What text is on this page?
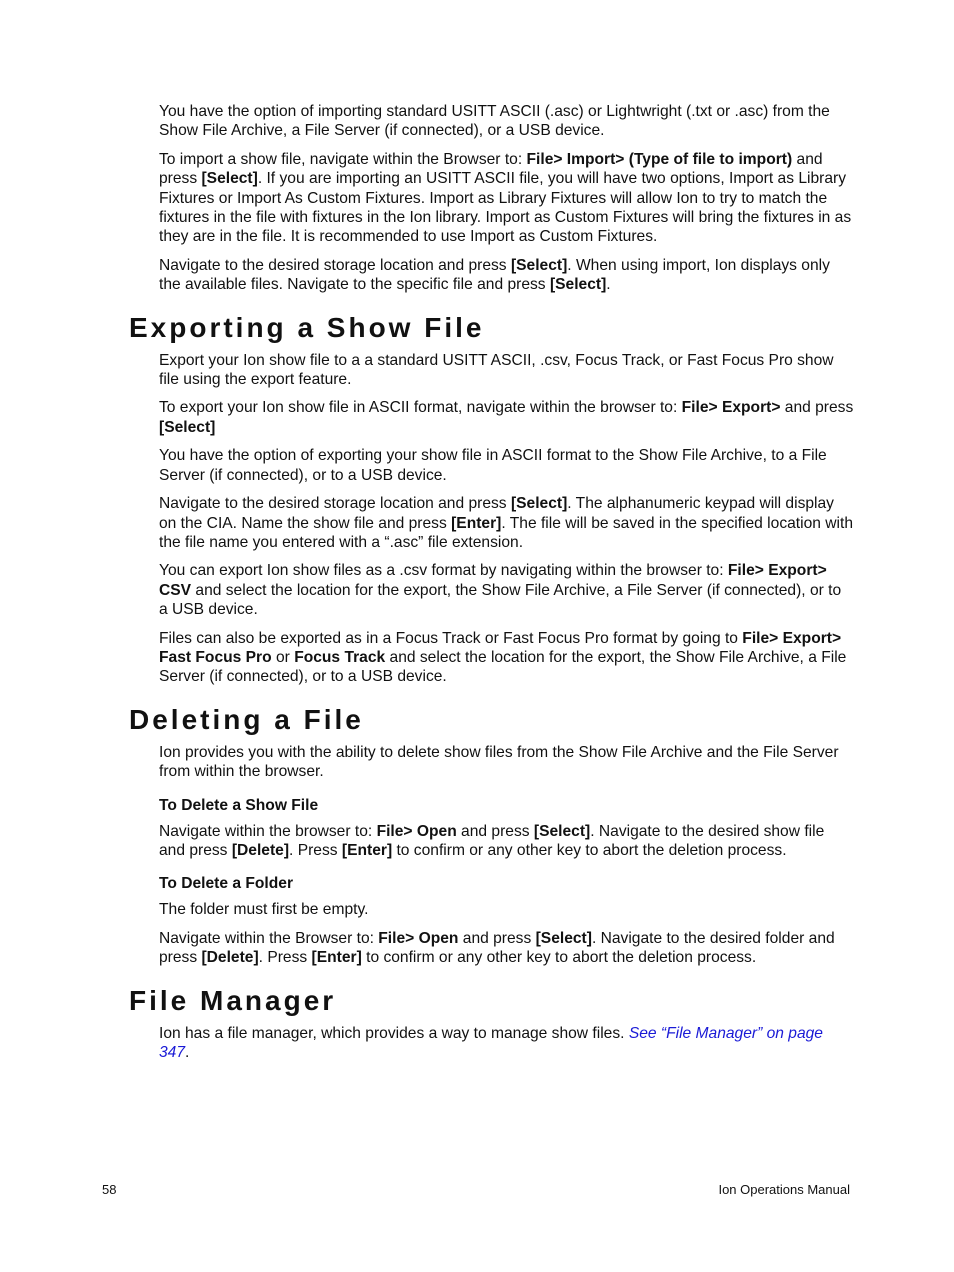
You have the option of importing standard USITT ASCII (.asc) or Lightwright (.txt or .asc) from the Show File Archive, a File Server (if connected), or a USB device.

To import a show file, navigate within the Browser to: File> Import> (Type of file to import) and press [Select]. If you are importing an USITT ASCII file, you will have two options, Import as Library Fixtures or Import As Custom Fixtures. Import as Library Fixtures will allow Ion to try to match the fixtures in the file with fixtures in the Ion library. Import as Custom Fixtures will bring the fixtures in as they are in the file. It is recommended to use Import as Custom Fixtures.

Navigate to the desired storage location and press [Select]. When using import, Ion displays only the available files. Navigate to the specific file and press [Select].

Exporting a Show File

Export your Ion show file to a a standard USITT ASCII, .csv, Focus Track, or Fast Focus Pro show file using the export feature.

To export your Ion show file in ASCII format, navigate within the browser to: File> Export> and press [Select]

You have the option of exporting your show file in ASCII format to the Show File Archive, to a File Server (if connected), or to a USB device.

Navigate to the desired storage location and press [Select]. The alphanumeric keypad will display on the CIA. Name the show file and press [Enter]. The file will be saved in the specified location with the file name you entered with a “.asc” file extension.

You can export Ion show files as a .csv format by navigating within the browser to: File> Export> CSV and select the location for the export, the Show File Archive, a File Server (if connected), or to a USB device.

Files can also be exported as in a Focus Track or Fast Focus Pro format by going to File> Export> Fast Focus Pro or Focus Track and select the location for the export, the Show File Archive, a File Server (if connected), or to a USB device.

Deleting a File

Ion provides you with the ability to delete show files from the Show File Archive and the File Server from within the browser.

To Delete a Show File

Navigate within the browser to: File> Open and press [Select]. Navigate to the desired show file and press [Delete]. Press [Enter] to confirm or any other key to abort the deletion process.

To Delete a Folder

The folder must first be empty.

Navigate within the Browser to: File> Open and press [Select]. Navigate to the desired folder and press [Delete]. Press [Enter] to confirm or any other key to abort the deletion process.

File Manager

Ion has a file manager, which provides a way to manage show files. See “File Manager” on page 347.

58	Ion Operations Manual
